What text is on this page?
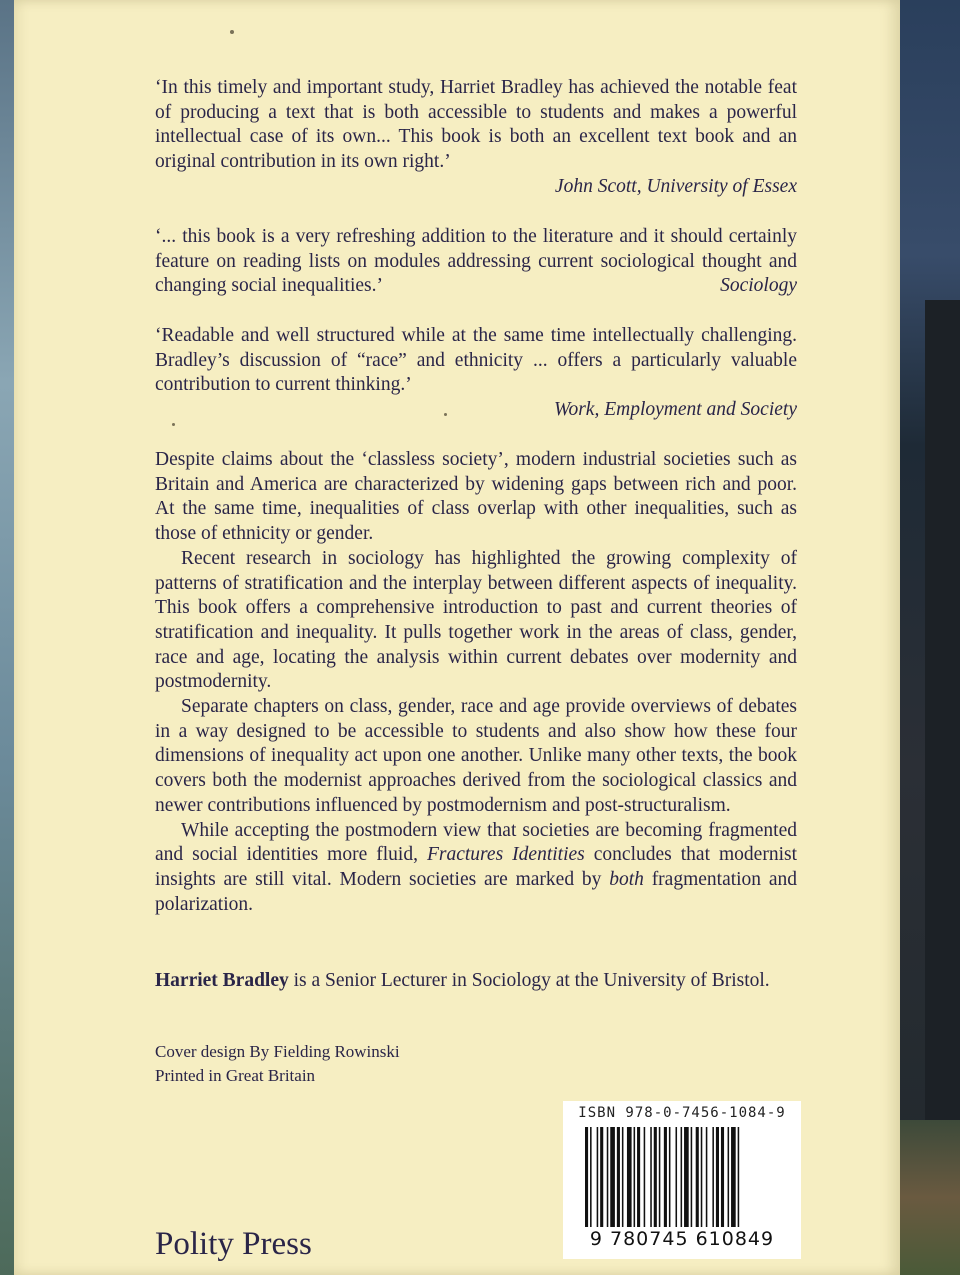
‘In this timely and important study, Harriet Bradley has achieved the notable feat of producing a text that is both accessible to students and makes a powerful intellectual case of its own... This book is both an excellent text book and an original contribution in its own right.’

John Scott, University of Essex

‘... this book is a very refreshing addition to the literature and it should certainly feature on reading lists on modules addressing current sociological thought and changing social inequalities.’	Sociology

‘Readable and well structured while at the same time intellectually challenging. Bradley’s discussion of “race” and ethnicity ... offers a particularly valuable contribution to current thinking.’

Work, Employment and Society

Despite claims about the ‘classless society’, modern industrial societies such as Britain and America are characterized by widening gaps between rich and poor. At the same time, inequalities of class overlap with other inequalities, such as those of ethnicity or gender.

Recent research in sociology has highlighted the growing complexity of patterns of stratification and the interplay between different aspects of inequality. This book offers a comprehensive introduction to past and current theories of stratification and inequality. It pulls together work in the areas of class, gender, race and age, locating the analysis within current debates over modernity and postmodernity.

Separate chapters on class, gender, race and age provide overviews of debates in a way designed to be accessible to students and also show how these four dimensions of inequality act upon one another. Unlike many other texts, the book covers both the modernist approaches derived from the sociological classics and newer contributions influenced by postmodernism and post-structuralism.

While accepting the postmodern view that societies are becoming fragmented and social identities more fluid, Fractures Identities concludes that modernist insights are still vital. Modern societies are marked by both fragmentation and polarization.

Harriet Bradley is a Senior Lecturer in Sociology at the University of Bristol.

Cover design By Fielding Rowinski
Printed in Great Britain
Polity Press
ISBN 978-0-7456-1084-9
9 780745 610849
